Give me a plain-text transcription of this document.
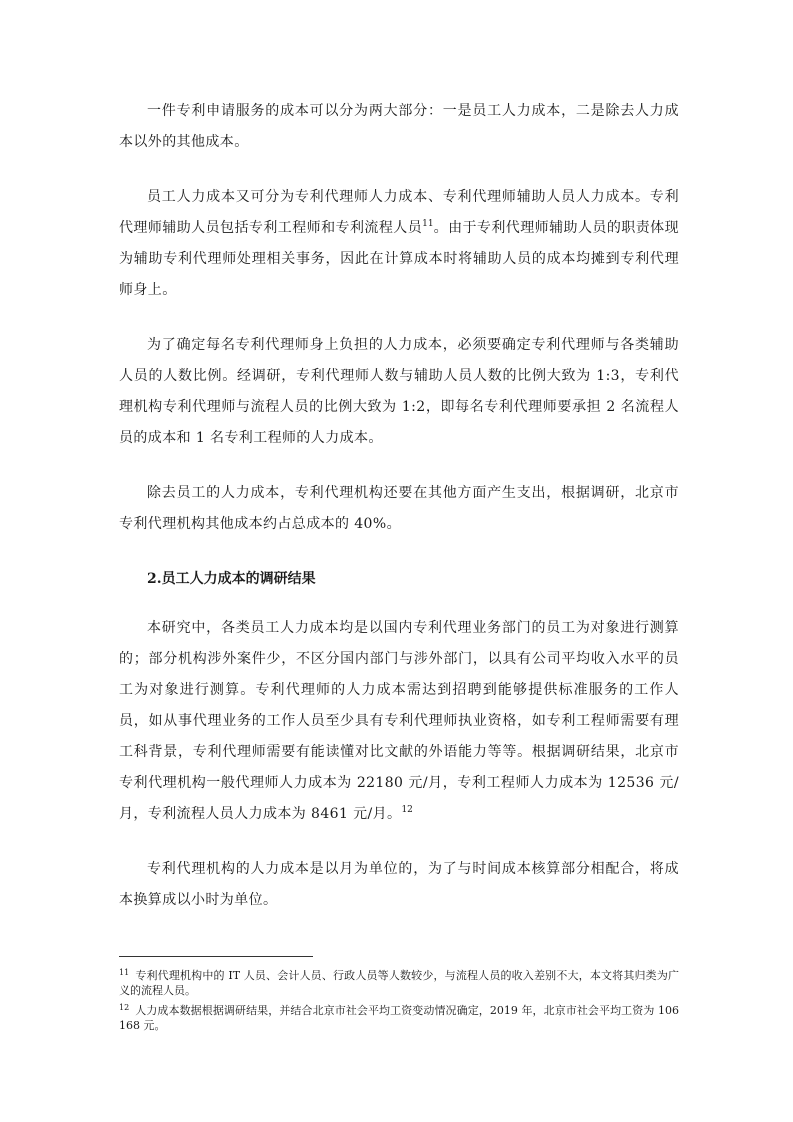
一件专利申请服务的成本可以分为两大部分：一是员工人力成本，二是除去人力成本以外的其他成本。

员工人力成本又可分为专利代理师人力成本、专利代理师辅助人员人力成本。专利代理师辅助人员包括专利工程师和专利流程人员$^{11}$。由于专利代理师辅助人员的职责体现为辅助专利代理师处理相关事务，因此在计算成本时将辅助人员的成本均摊到专利代理师身上。

为了确定每名专利代理师身上负担的人力成本，必须要确定专利代理师与各类辅助人员的人数比例。经调研，专利代理师人数与辅助人员人数的比例大致为 1:3，专利代理机构专利代理师与流程人员的比例大致为 1:2，即每名专利代理师要承担 2 名流程人员的成本和 1 名专利工程师的人力成本。

除去员工的人力成本，专利代理机构还要在其他方面产生支出，根据调研，北京市专利代理机构其他成本约占总成本的 40%。

2.员工人力成本的调研结果

本研究中，各类员工人力成本均是以国内专利代理业务部门的员工为对象进行测算的；部分机构涉外案件少，不区分国内部门与涉外部门，以具有公司平均收入水平的员工为对象进行测算。专利代理师的人力成本需达到招聘到能够提供标准服务的工作人员，如从事代理业务的工作人员至少具有专利代理师执业资格，如专利工程师需要有理工科背景，专利代理师需要有能读懂对比文献的外语能力等等。根据调研结果，北京市专利代理机构一般代理师人力成本为 22180 元/月，专利工程师人力成本为 12536 元/月，专利流程人员人力成本为 8461 元/月。$^{12}$

专利代理机构的人力成本是以月为单位的，为了与时间成本核算部分相配合，将成本换算成以小时为单位。

$^{11}$ 专利代理机构中的 IT 人员、会计人员、行政人员等人数较少，与流程人员的收入差别不大，本文将其归类为广义的流程人员。

$^{12}$ 人力成本数据根据调研结果，并结合北京市社会平均工资变动情况确定，2019 年，北京市社会平均工资为 106168 元。
